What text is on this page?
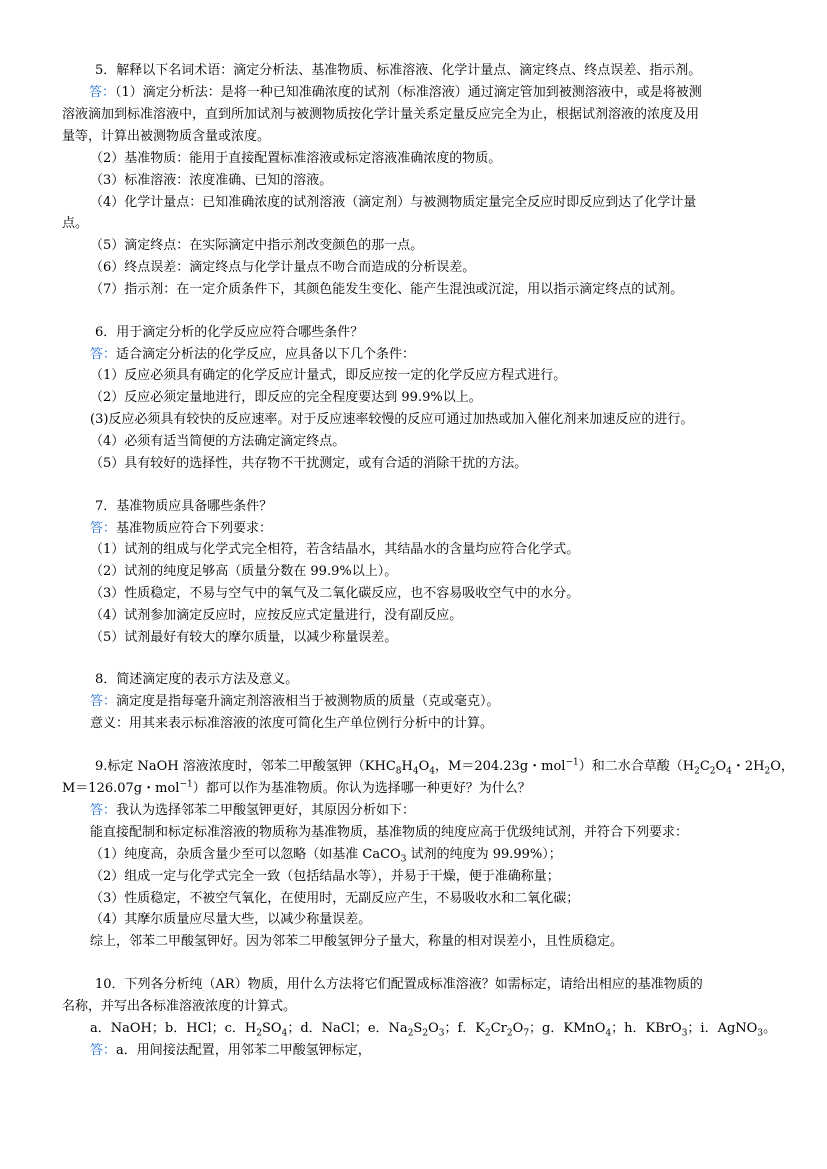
5．解释以下名词术语：滴定分析法、基准物质、标准溶液、化学计量点、滴定终点、终点误差、指示剂。
答：（1）滴定分析法：是将一种已知准确浓度的试剂（标准溶液）通过滴定管加到被测溶液中，或是将被测
溶液滴加到标准溶液中，直到所加试剂与被测物质按化学计量关系定量反应完全为止，根据试剂溶液的浓度及用
量等，计算出被测物质含量或浓度。
（2）基准物质：能用于直接配置标准溶液或标定溶液准确浓度的物质。
（3）标准溶液：浓度准确、已知的溶液。
（4）化学计量点：已知准确浓度的试剂溶液（滴定剂）与被测物质定量完全反应时即反应到达了化学计量
点。
（5）滴定终点：在实际滴定中指示剂改变颜色的那一点。
（6）终点误差：滴定终点与化学计量点不吻合而造成的分析误差。
（7）指示剂：在一定介质条件下，其颜色能发生变化、能产生混浊或沉淀，用以指示滴定终点的试剂。
6．用于滴定分析的化学反应应符合哪些条件？
答：适合滴定分析法的化学反应，应具备以下几个条件：
（1）反应必须具有确定的化学反应计量式，即反应按一定的化学反应方程式进行。
（2）反应必须定量地进行，即反应的完全程度要达到 99.9%以上。
(3)反应必须具有较快的反应速率。对于反应速率较慢的反应可通过加热或加入催化剂来加速反应的进行。
（4）必须有适当简便的方法确定滴定终点。
（5）具有较好的选择性，共存物不干扰测定，或有合适的消除干扰的方法。
7．基准物质应具备哪些条件？
答：基准物质应符合下列要求：
（1）试剂的组成与化学式完全相符，若含结晶水，其结晶水的含量均应符合化学式。
（2）试剂的纯度足够高（质量分数在 99.9%以上）。
（3）性质稳定，不易与空气中的氧气及二氧化碳反应，也不容易吸收空气中的水分。
（4）试剂参加滴定反应时，应按反应式定量进行，没有副反应。
（5）试剂最好有较大的摩尔质量，以减少称量误差。
8．简述滴定度的表示方法及意义。
答：滴定度是指每毫升滴定剂溶液相当于被测物质的质量（克或毫克）。
意义：用其来表示标准溶液的浓度可简化生产单位例行分析中的计算。
9.标定 NaOH 溶液浓度时，邻苯二甲酸氢钾（$KHC_8H_4O_4$，M＝204.23g・mol$^{-1}$）和二水合草酸（$H_2C_2O_4$・$2H_2O$，
M＝126.07g・mol$^{-1}$）都可以作为基准物质。你认为选择哪一种更好？为什么？
答：我认为选择邻苯二甲酸氢钾更好，其原因分析如下：
能直接配制和标定标准溶液的物质称为基准物质，基准物质的纯度应高于优级纯试剂，并符合下列要求：
（1）纯度高，杂质含量少至可以忽略（如基准 CaCO$_3$ 试剂的纯度为 99.99%）；
（2）组成一定与化学式完全一致（包括结晶水等），并易于干燥，便于准确称量；
（3）性质稳定，不被空气氧化，在使用时，无副反应产生，不易吸收水和二氧化碳；
（4）其摩尔质量应尽量大些，以减少称量误差。
综上，邻苯二甲酸氢钾好。因为邻苯二甲酸氢钾分子量大，称量的相对误差小，且性质稳定。
10．下列各分析纯（AR）物质，用什么方法将它们配置成标准溶液？如需标定，请给出相应的基准物质的
名称，并写出各标准溶液浓度的计算式。
a．NaOH；b．HCl；c．$H_2SO_4$；d．NaCl；e．$Na_2S_2O_3$；f．$K_2Cr_2O_7$；g．KMnO$_4$；h．KBrO$_3$；i．AgNO$_3$。
答：a．用间接法配置，用邻苯二甲酸氢钾标定，
